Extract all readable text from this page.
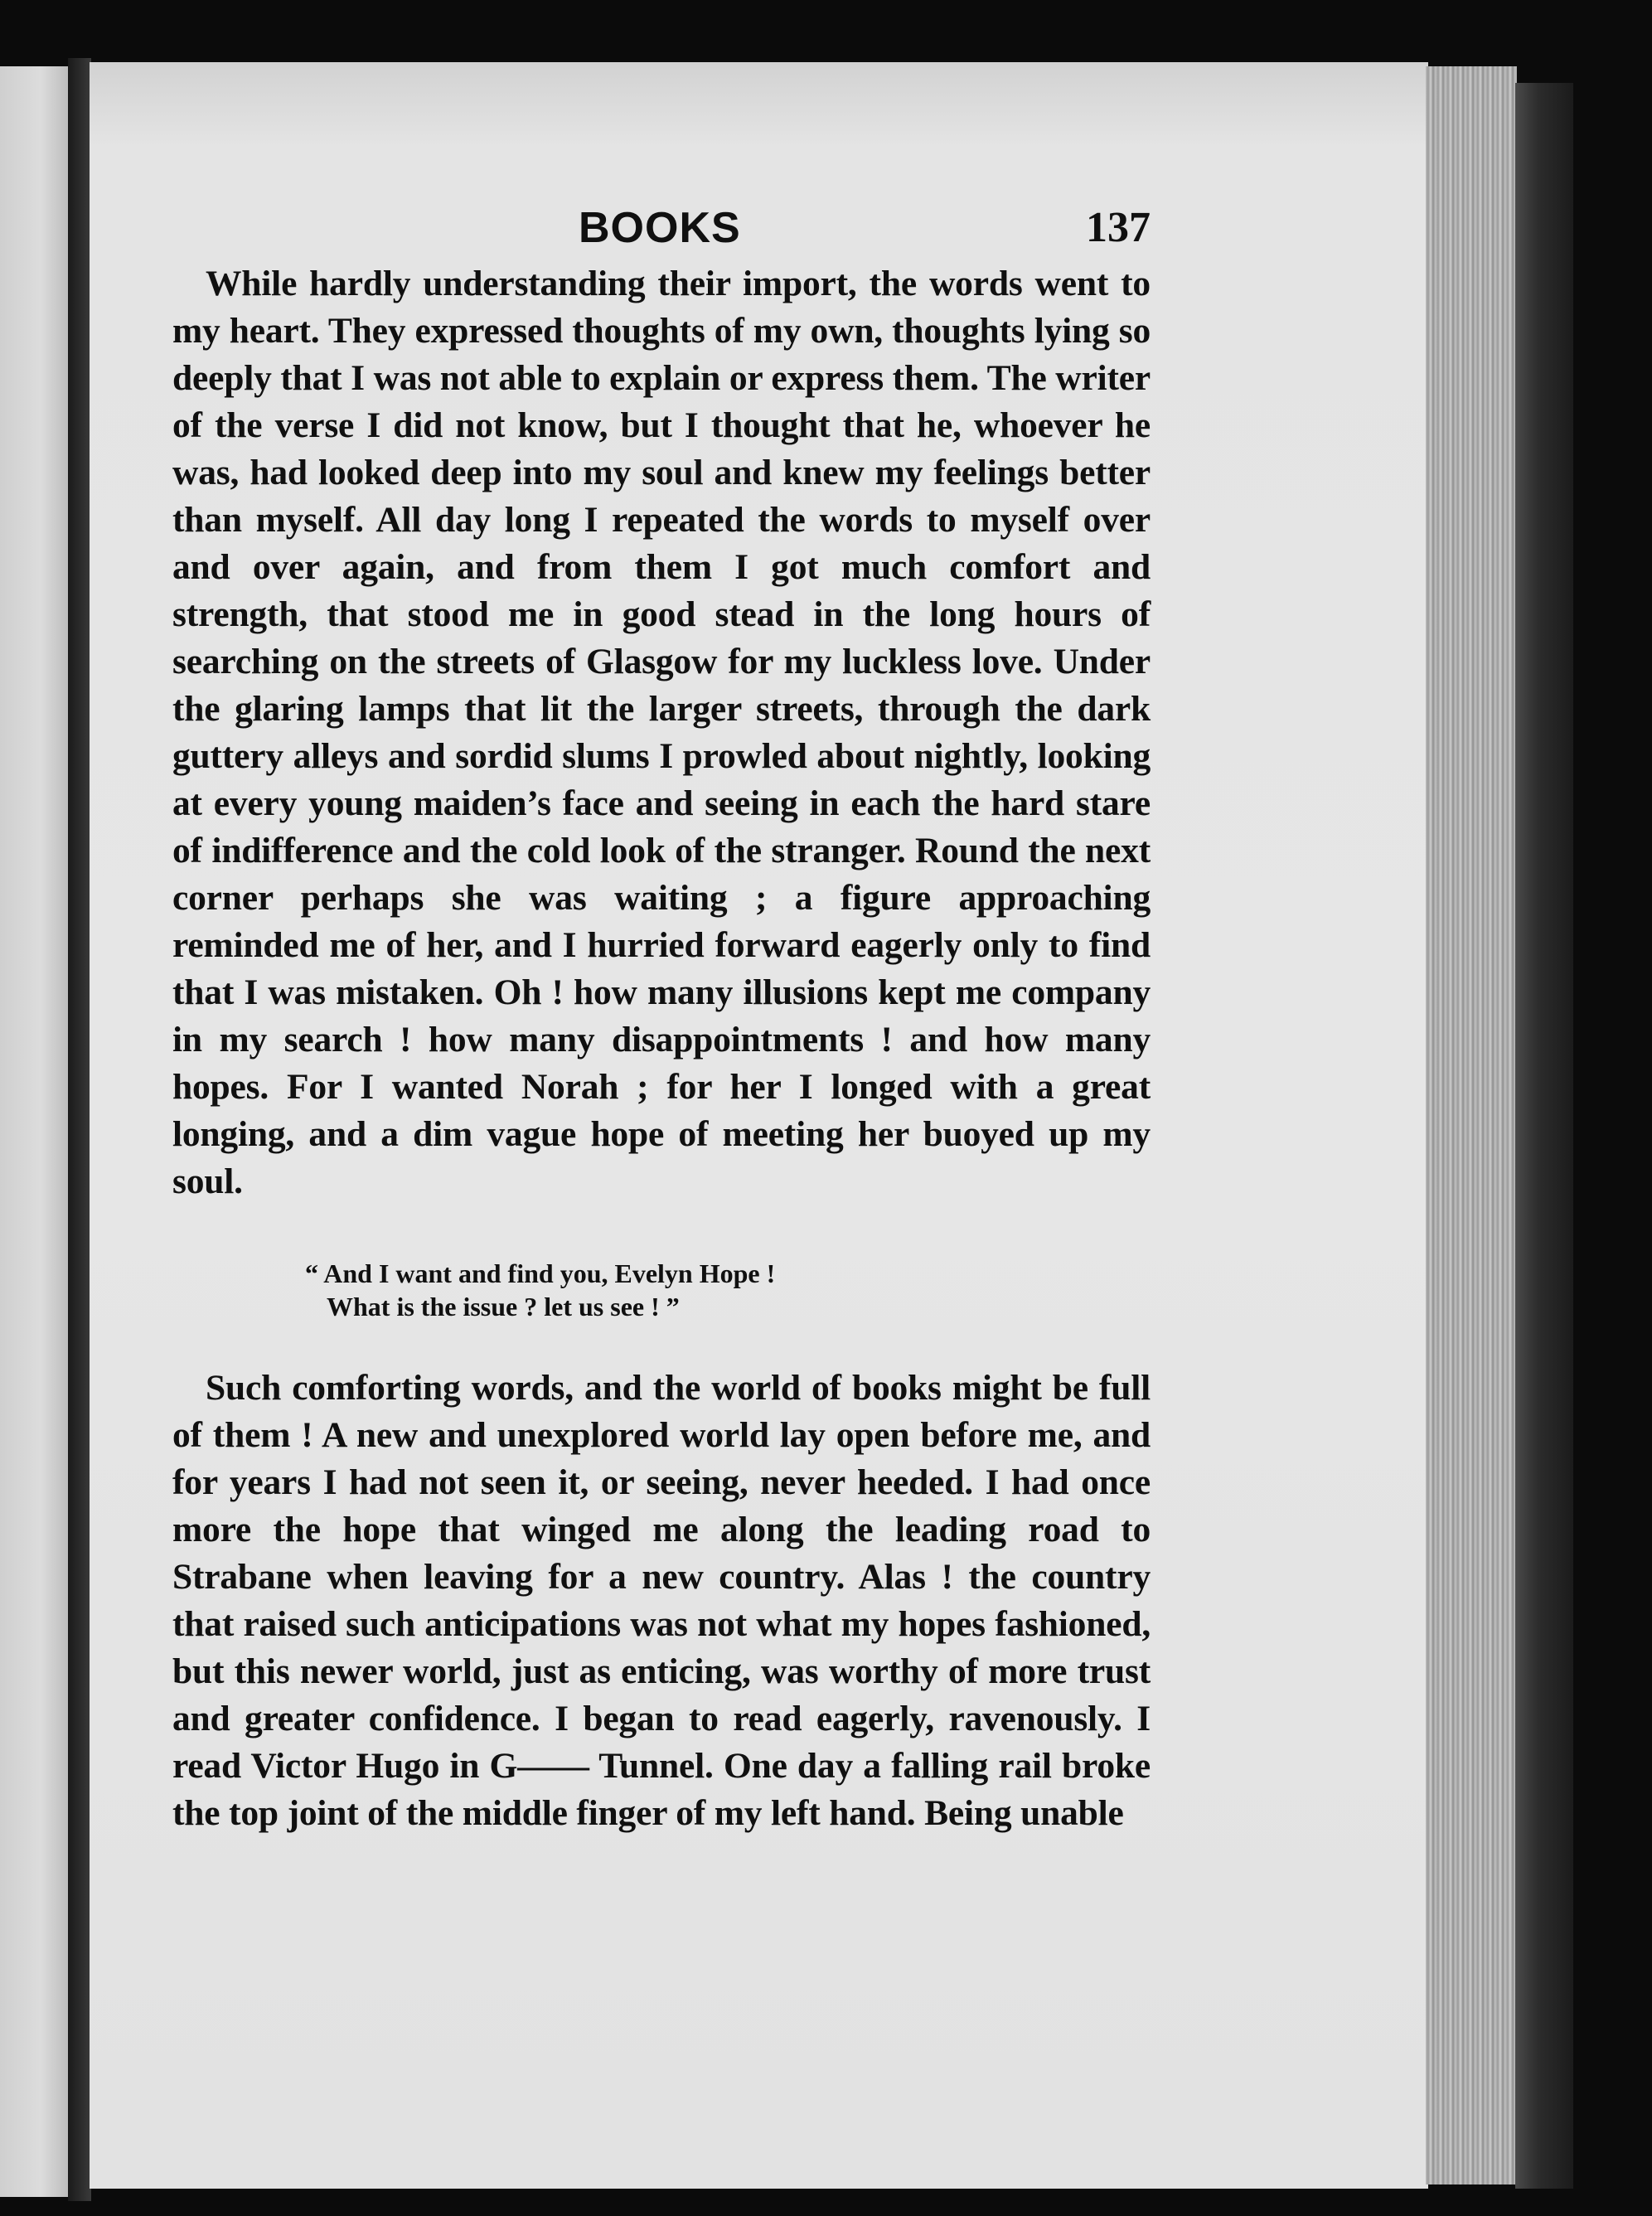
BOOKS	137

While hardly understanding their import, the words went to my heart. They expressed thoughts of my own, thoughts lying so deeply that I was not able to explain or express them. The writer of the verse I did not know, but I thought that he, whoever he was, had looked deep into my soul and knew my feelings better than myself. All day long I repeated the words to myself over and over again, and from them I got much comfort and strength, that stood me in good stead in the long hours of searching on the streets of Glasgow for my luckless love. Under the glaring lamps that lit the larger streets, through the dark guttery alleys and sordid slums I prowled about nightly, looking at every young maiden’s face and seeing in each the hard stare of indifference and the cold look of the stranger. Round the next corner perhaps she was waiting ; a figure approaching reminded me of her, and I hurried forward eagerly only to find that I was mistaken. Oh ! how many illusions kept me company in my search ! how many disappointments ! and how many hopes. For I wanted Norah ; for her I longed with a great longing, and a dim vague hope of meeting her buoyed up my soul.

“ And I want and find you, Evelyn Hope !
What is the issue ? let us see ! ”

Such comforting words, and the world of books might be full of them ! A new and unexplored world lay open before me, and for years I had not seen it, or seeing, never heeded. I had once more the hope that winged me along the leading road to Strabane when leaving for a new country. Alas ! the country that raised such anticipations was not what my hopes fashioned, but this newer world, just as enticing, was worthy of more trust and greater confidence. I began to read eagerly, ravenously. I read Victor Hugo in G—— Tunnel. One day a falling rail broke the top joint of the middle finger of my left hand. Being unable
